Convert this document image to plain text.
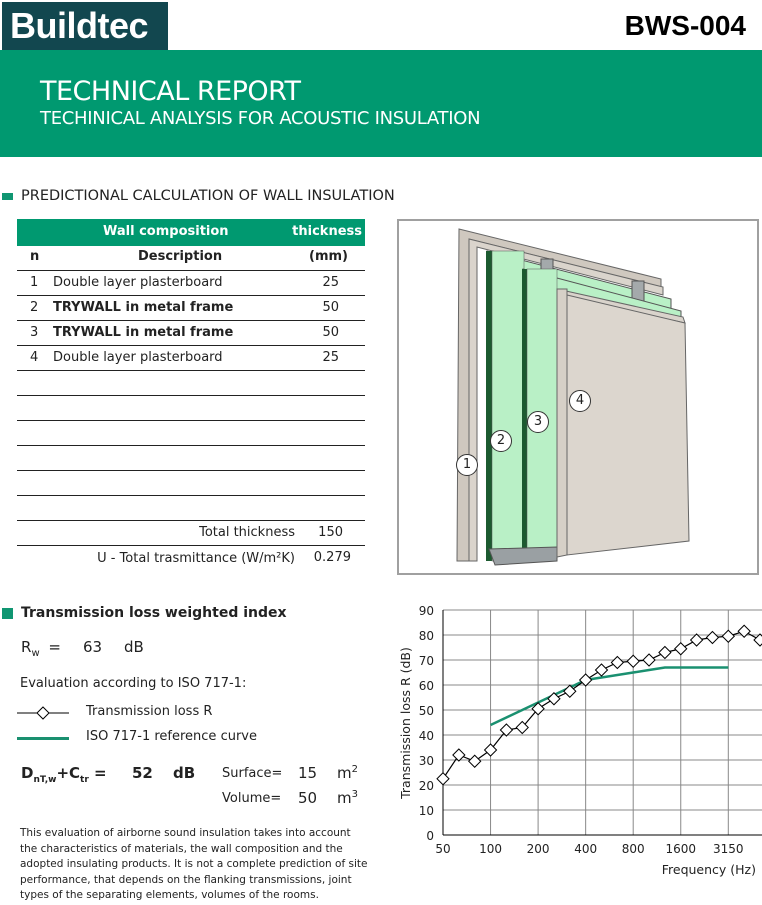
Buildtec	BWS-004
TECHNICAL REPORT
TECHINICAL ANALYSIS FOR ACOUSTIC INSULATION
PREDICTIONAL CALCULATION OF WALL INSULATION
Wall composition	thickness
n	Description	(mm)
1 Double layer plasterboard	25
2 TRYWALL in metal frame	50
3 TRYWALL in metal frame	50
4 Double layer plasterboard	25
Total thickness 150
U - Total trasmittance (W/m²K) 0.279
1
2
3
4
Transmission loss weighted index
$R_w = 63$ dB
Evaluation according to ISO 717-1:
Transmission loss R
ISO 717-1 reference curve
$D_{nT,w}+C_{tr} = 52$ dB Surface= 15 $m^2$
Volume= 50 $m^3$
This evaluation of airborne sound insulation takes into account the characteristics of materials, the wall composition and the adopted insulating products. It is not a complete prediction of site performance, that depends on the flanking transmissions, joint types of the separating elements, volumes of the rooms.
0
10
20
30
40
50
60
70
80
90
50 100 200 400 800 1600 3150
Frequency (Hz)
Transmission loss R (dB)
